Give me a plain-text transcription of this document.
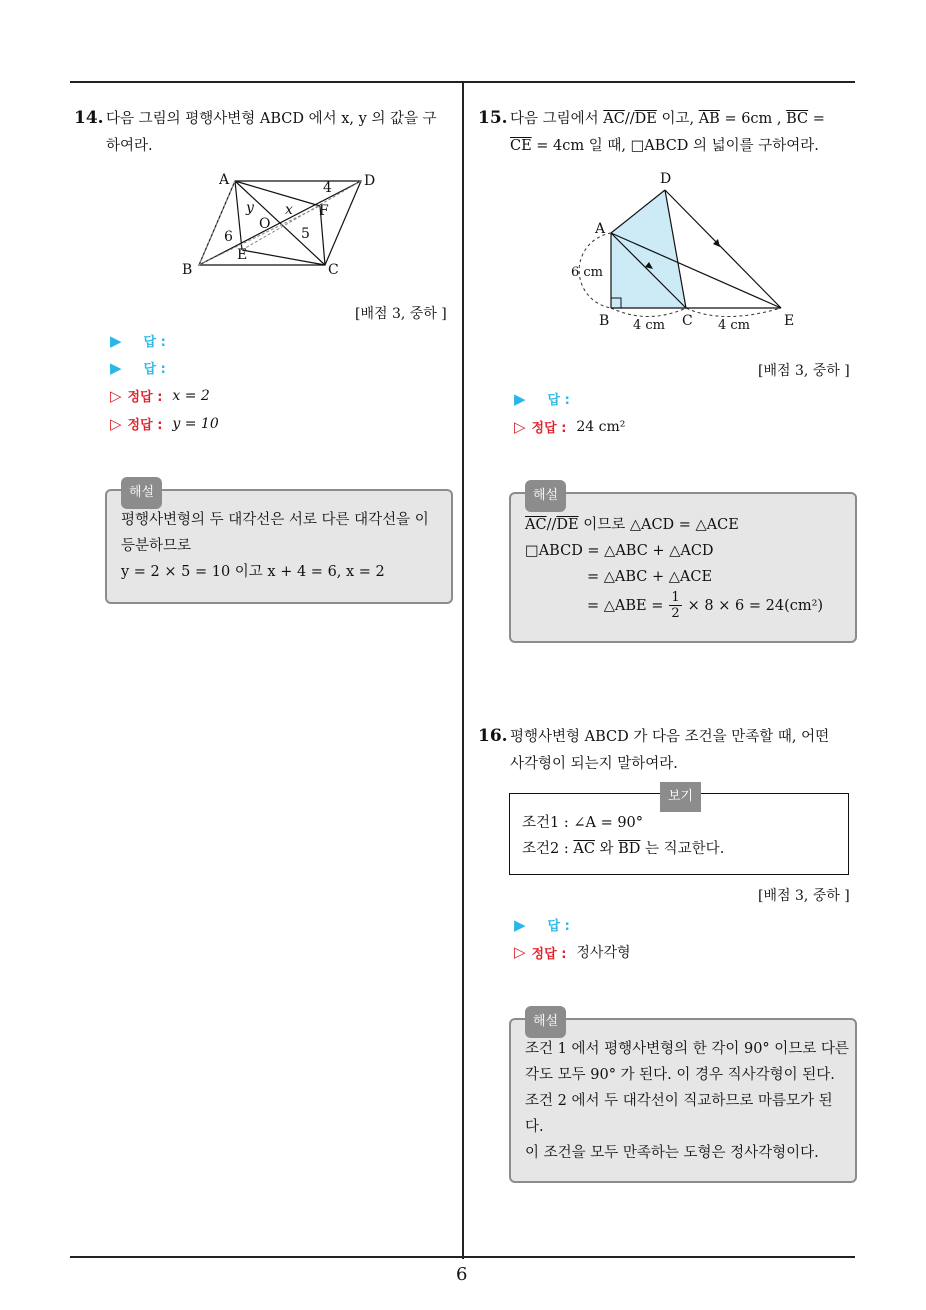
6
14. 다음 그림의 평행사변형 ABCD 에서 x, y 의 값을 구
하여라.
A	D
B	C
E
F
O
x
y
6	5
4
[배점 3, 중하 ]
▶ 답 :
▶ 답 :
▷ 정답 : x = 2
▷ 정답 : y = 10
해설
평행사변형의 두 대각선은 서로 다른 대각선을 이
등분하므로
y = 2 × 5 = 10 이고 x + 4 = 6, x = 2
15. 다음 그림에서 $\overline{AC}//\overline{DE}$ 이고, $\overline{AB} = 6cm$ , $\overline{BC}$ =
$\overline{CE} = 4cm$ 일 때, □ABCD 의 넓이를 구하여라.
A
D
B	C	E
6 cm
4 cm	4 cm
[배점 3, 중하 ]
▶ 답 :
▷ 정답 : 24 cm²
해설
$\overline{AC}//\overline{DE}$ 이므로 △ACD = △ACE
□ABCD = △ABC + △ACD
= △ABC + △ACE
= △ABE = $\frac{1}{2} \times 8 \times 6 = 24(cm^2)$
16. 평행사변형 ABCD 가 다음 조건을 만족할 때, 어떤
사각형이 되는지 말하여라.
보기
조건1 : ∠A = 90°
조건2 : $\overline{AC}$ 와 $\overline{BD}$ 는 직교한다.
[배점 3, 중하 ]
▶ 답 :
▷ 정답 : 정사각형
해설
조건 1 에서 평행사변형의 한 각이 90° 이므로 다른
각도 모두 90° 가 된다. 이 경우 직사각형이 된다.
조건 2 에서 두 대각선이 직교하므로 마름모가 된
다.
이 조건을 모두 만족하는 도형은 정사각형이다.
